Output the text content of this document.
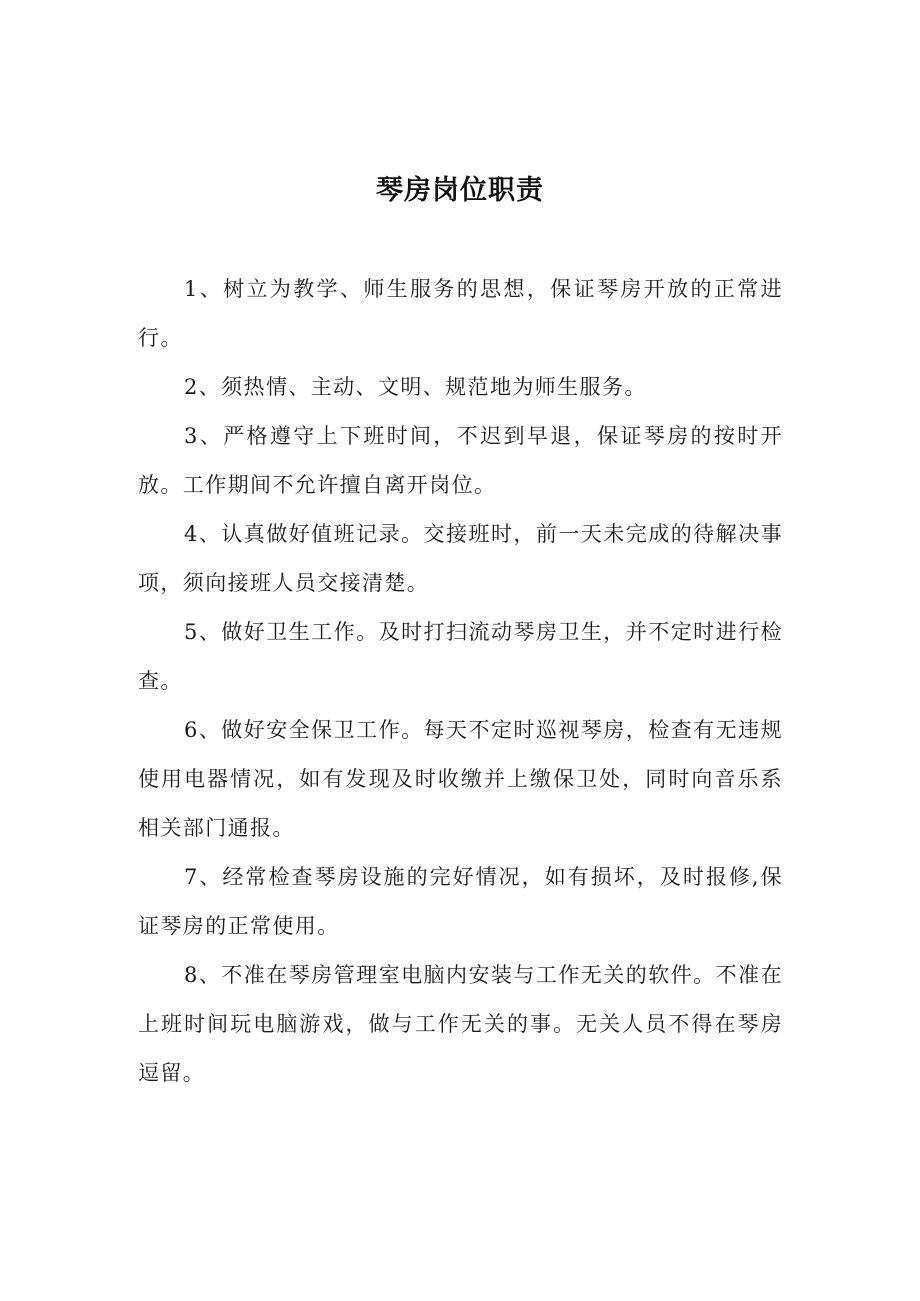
琴房岗位职责

1、树立为教学、师生服务的思想，保证琴房开放的正常进行。

2、须热情、主动、文明、规范地为师生服务。

3、严格遵守上下班时间，不迟到早退，保证琴房的按时开放。工作期间不允许擅自离开岗位。

4、认真做好值班记录。交接班时，前一天未完成的待解决事项，须向接班人员交接清楚。

5、做好卫生工作。及时打扫流动琴房卫生，并不定时进行检查。

6、做好安全保卫工作。每天不定时巡视琴房，检查有无违规使用电器情况，如有发现及时收缴并上缴保卫处，同时向音乐系相关部门通报。

7、经常检查琴房设施的完好情况，如有损坏，及时报修,保证琴房的正常使用。

8、不准在琴房管理室电脑内安装与工作无关的软件。不准在上班时间玩电脑游戏，做与工作无关的事。无关人员不得在琴房逗留。
